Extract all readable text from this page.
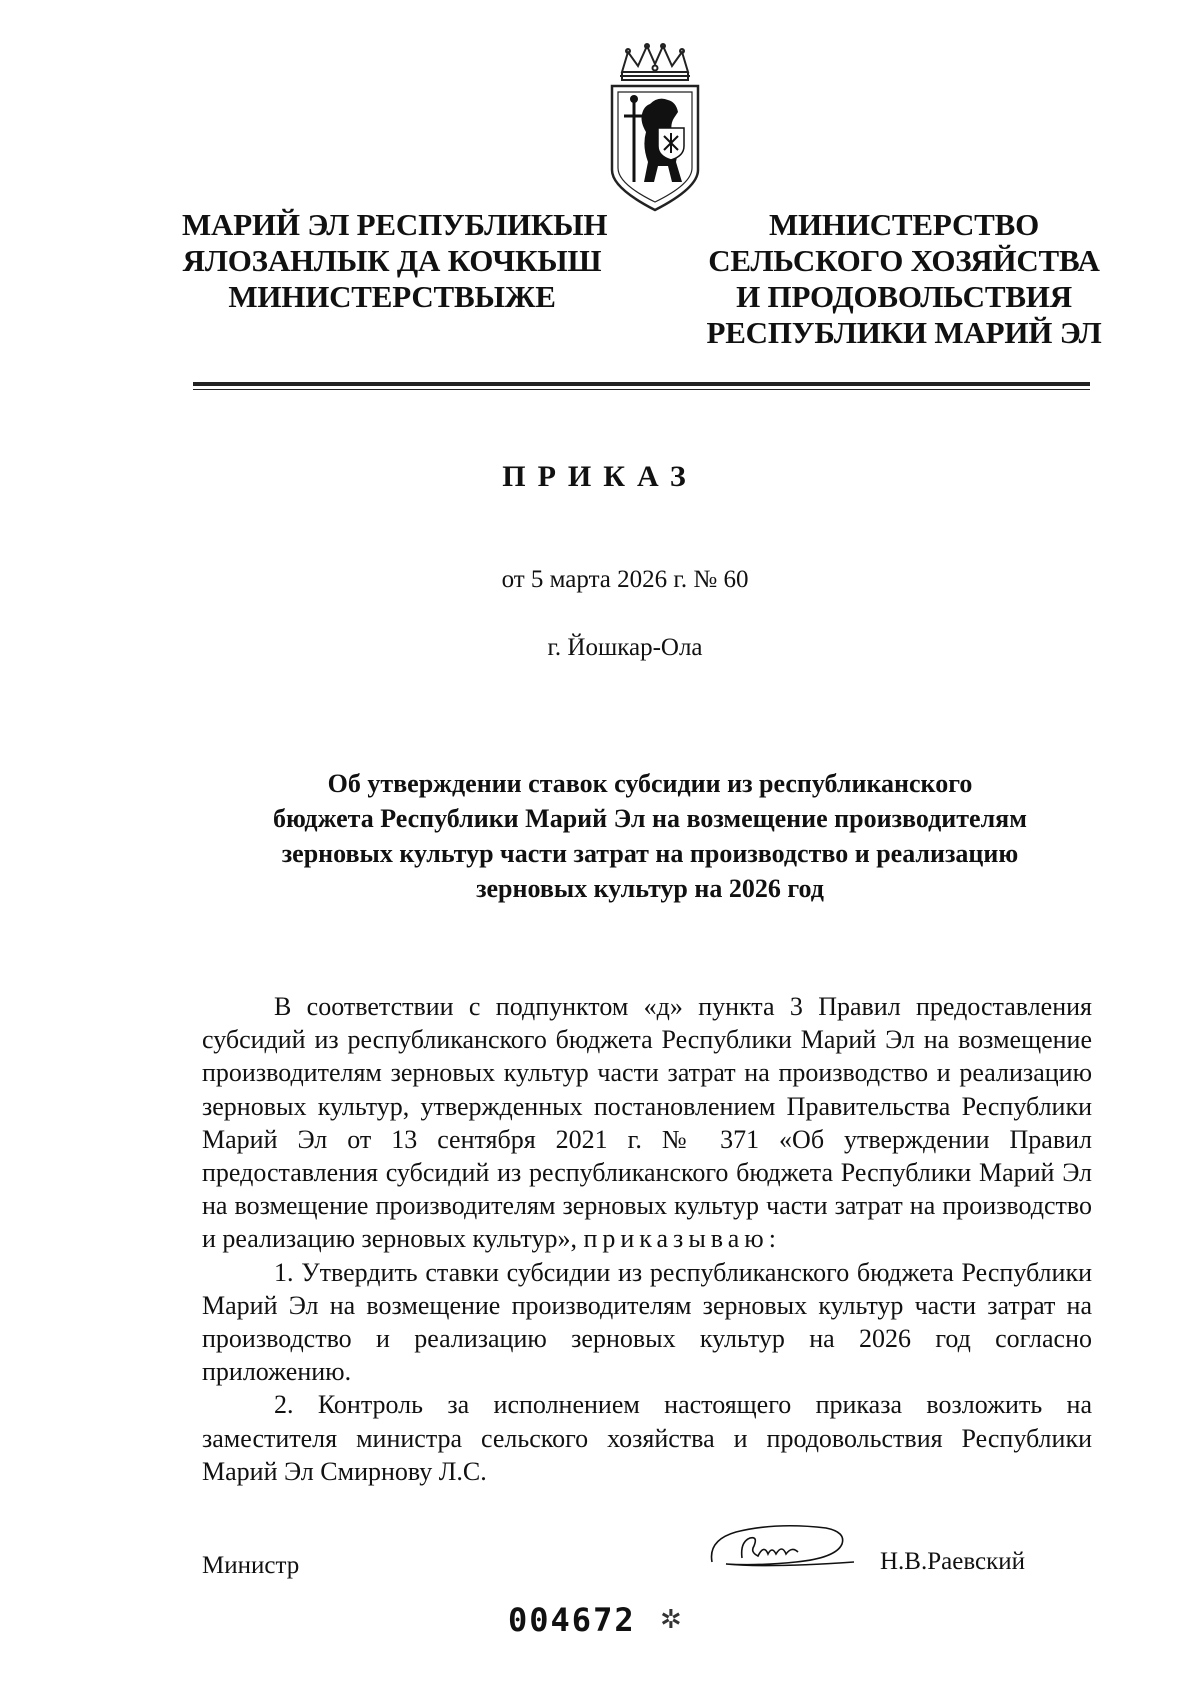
МАРИЙ ЭЛ РЕСПУБЛИКЫН
ЯЛОЗАНЛЫК ДА КОЧКЫШ
МИНИСТЕРСТВЫЖЕ
МИНИСТЕРСТВО
СЕЛЬСКОГО ХОЗЯЙСТВА
И ПРОДОВОЛЬСТВИЯ
РЕСПУБЛИКИ МАРИЙ ЭЛ
ПРИКАЗ
от 5 марта 2026 г. № 60
г. Йошкар-Ола
Об утверждении ставок субсидии из республиканского
бюджета Республики Марий Эл на возмещение производителям
зерновых культур части затрат на производство и реализацию
зерновых культур на 2026 год

В соответствии с подпунктом «д» пункта 3 Правил предоставления субсидий из республиканского бюджета Республики Марий Эл на возмещение производителям зерновых культур части затрат на производство и реализацию зерновых культур, утвержденных постановлением Правительства Республики Марий Эл от 13 сентября 2021 г. № 371 «Об утверждении Правил предоставления субсидий из республиканского бюджета Республики Марий Эл на возмещение производителям зерновых культур части затрат на производство и реализацию зерновых культур», приказываю:

1. Утвердить ставки субсидии из республиканского бюджета Республики Марий Эл на возмещение производителям зерновых культур части затрат на производство и реализацию зерновых культур на 2026 год согласно приложению.

2. Контроль за исполнением настоящего приказа возложить на заместителя министра сельского хозяйства и продовольствия Республики Марий Эл Смирнову Л.С.

Министр	Н.В.Раевский
004672 ✲
